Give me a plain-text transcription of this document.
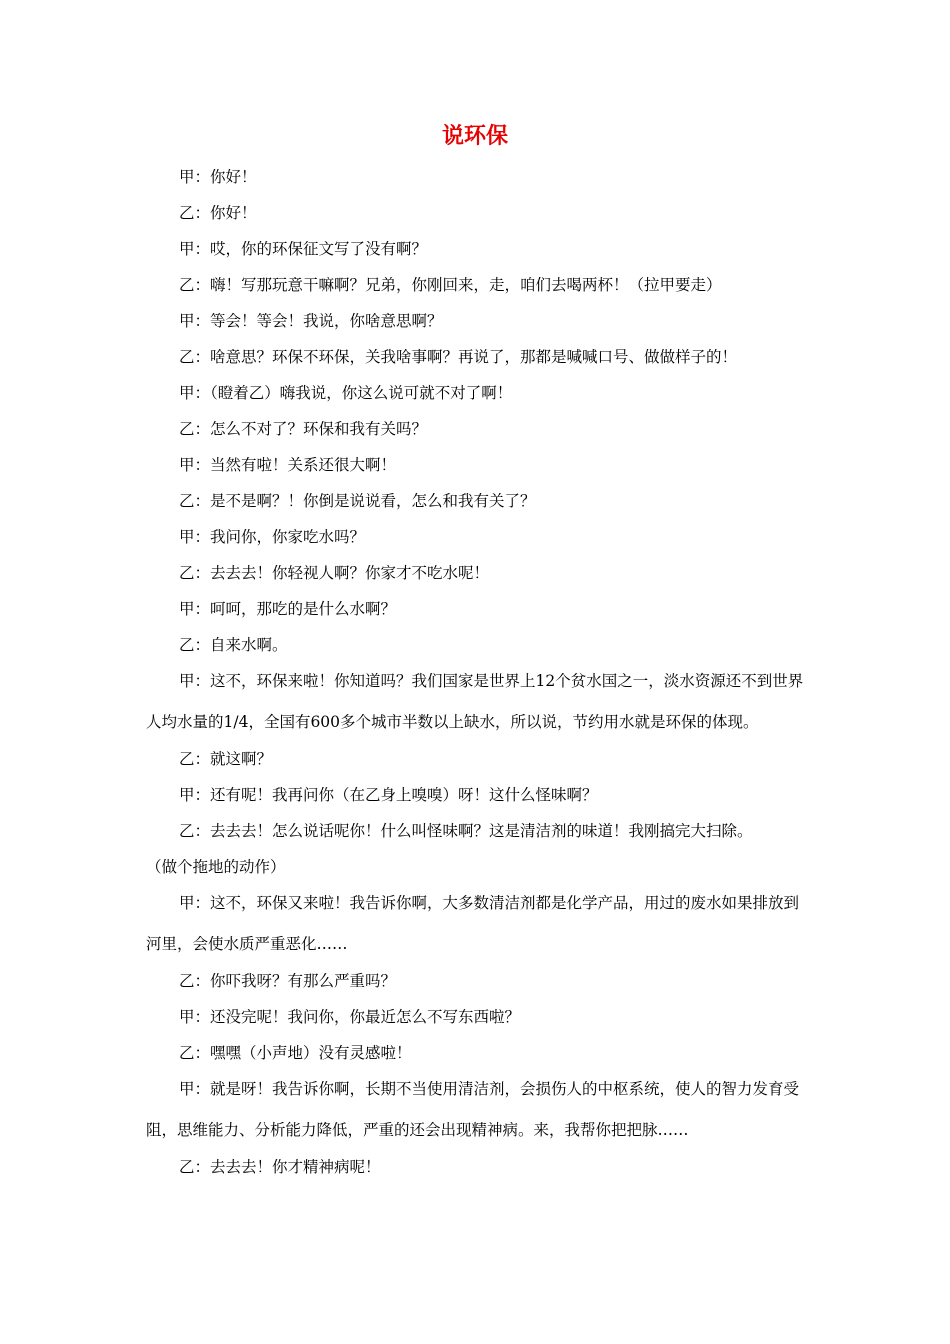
说环保

甲：你好！

乙：你好！

甲：哎，你的环保征文写了没有啊？

乙：嗨！写那玩意干嘛啊？兄弟，你刚回来，走，咱们去喝两杯！（拉甲要走）

甲：等会！等会！我说，你啥意思啊？

乙：啥意思？环保不环保，关我啥事啊？再说了，那都是喊喊口号、做做样子的！

甲：（瞪着乙）嗨我说，你这么说可就不对了啊！

乙：怎么不对了？环保和我有关吗？

甲：当然有啦！关系还很大啊！

乙：是不是啊？！你倒是说说看，怎么和我有关了？

甲：我问你，你家吃水吗？

乙：去去去！你轻视人啊？你家才不吃水呢！

甲：呵呵，那吃的是什么水啊？

乙：自来水啊。

甲：这不，环保来啦！你知道吗？我们国家是世界上12个贫水国之一，淡水资源还不到世界人均水量的1/4，全国有600多个城市半数以上缺水，所以说，节约用水就是环保的体现。

乙：就这啊？

甲：还有呢！我再问你（在乙身上嗅嗅）呀！这什么怪味啊？

乙：去去去！怎么说话呢你！什么叫怪味啊？这是清洁剂的味道！我刚搞完大扫除。

（做个拖地的动作）

甲：这不，环保又来啦！我告诉你啊，大多数清洁剂都是化学产品，用过的废水如果排放到河里，会使水质严重恶化……

乙：你吓我呀？有那么严重吗？

甲：还没完呢！我问你，你最近怎么不写东西啦？

乙：嘿嘿（小声地）没有灵感啦！

甲：就是呀！我告诉你啊，长期不当使用清洁剂，会损伤人的中枢系统，使人的智力发育受阻，思维能力、分析能力降低，严重的还会出现精神病。来，我帮你把把脉……

乙：去去去！你才精神病呢！
